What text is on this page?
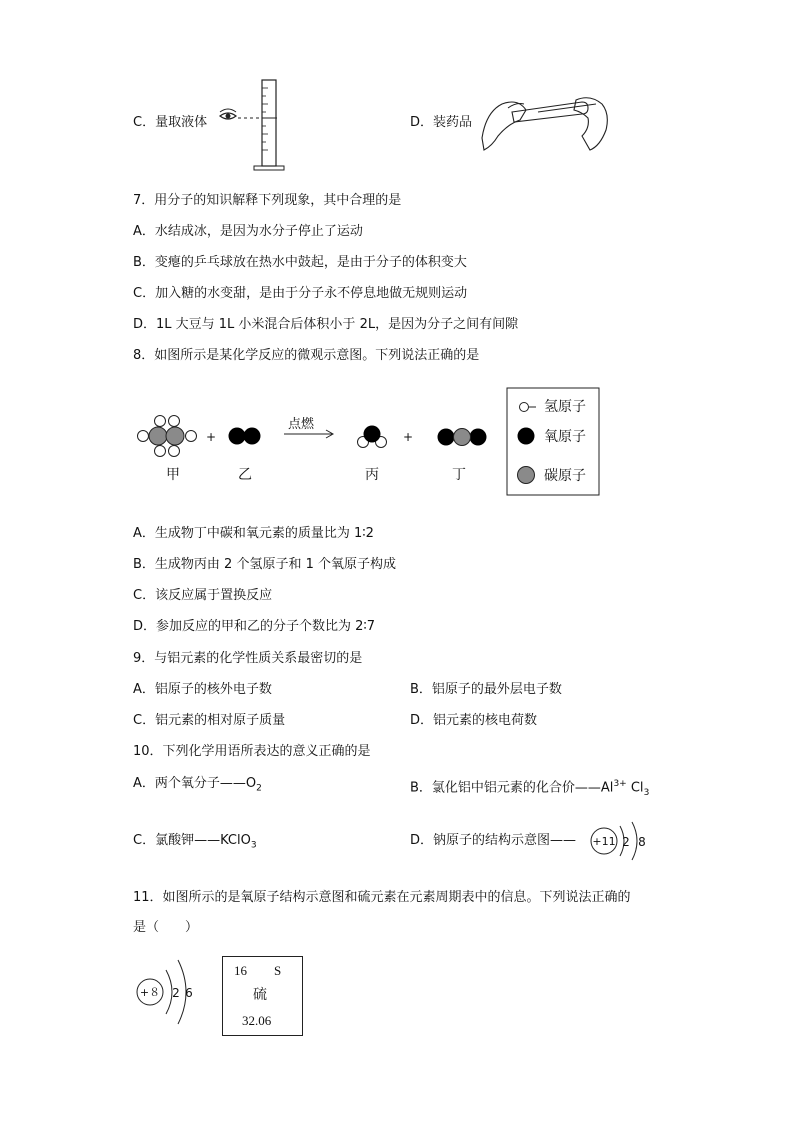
C．量取液体	D．装药品
7．用分子的知识解释下列现象，其中合理的是
A．水结成冰，是因为水分子停止了运动
B．变瘪的乒乓球放在热水中鼓起，是由于分子的体积变大
C．加入糖的水变甜，是由于分子永不停息地做无规则运动
D．1L 大豆与 1L 小米混合后体积小于 2L，是因为分子之间有间隙
8．如图所示是某化学反应的微观示意图。下列说法正确的是
+
点燃
+
甲	乙	丙	丁
氢原子
氧原子
碳原子
A．生成物丁中碳和氧元素的质量比为 1∶2
B．生成物丙由 2 个氢原子和 1 个氧原子构成
C．该反应属于置换反应
D．参加反应的甲和乙的分子个数比为 2∶7
9．与铝元素的化学性质关系最密切的是
A．铝原子的核外电子数	B．铝原子的最外层电子数
C．铝元素的相对原子质量	D．铝元素的核电荷数
10．下列化学用语所表达的意义正确的是
A．两个氧分子$——O_2$	B．氯化铝中铝元素的化合价$——Al^{3+}$ $Cl_3$
C．氯酸钾——KClO$_3$	D．钠原子的结构示意图—— +11 2 8
11．如图所示的是氧原子结构示意图和硫元素在元素周期表中的信息。下列说法正确的
是（　　）
+８ 2 6
16 S
硫
32.06
